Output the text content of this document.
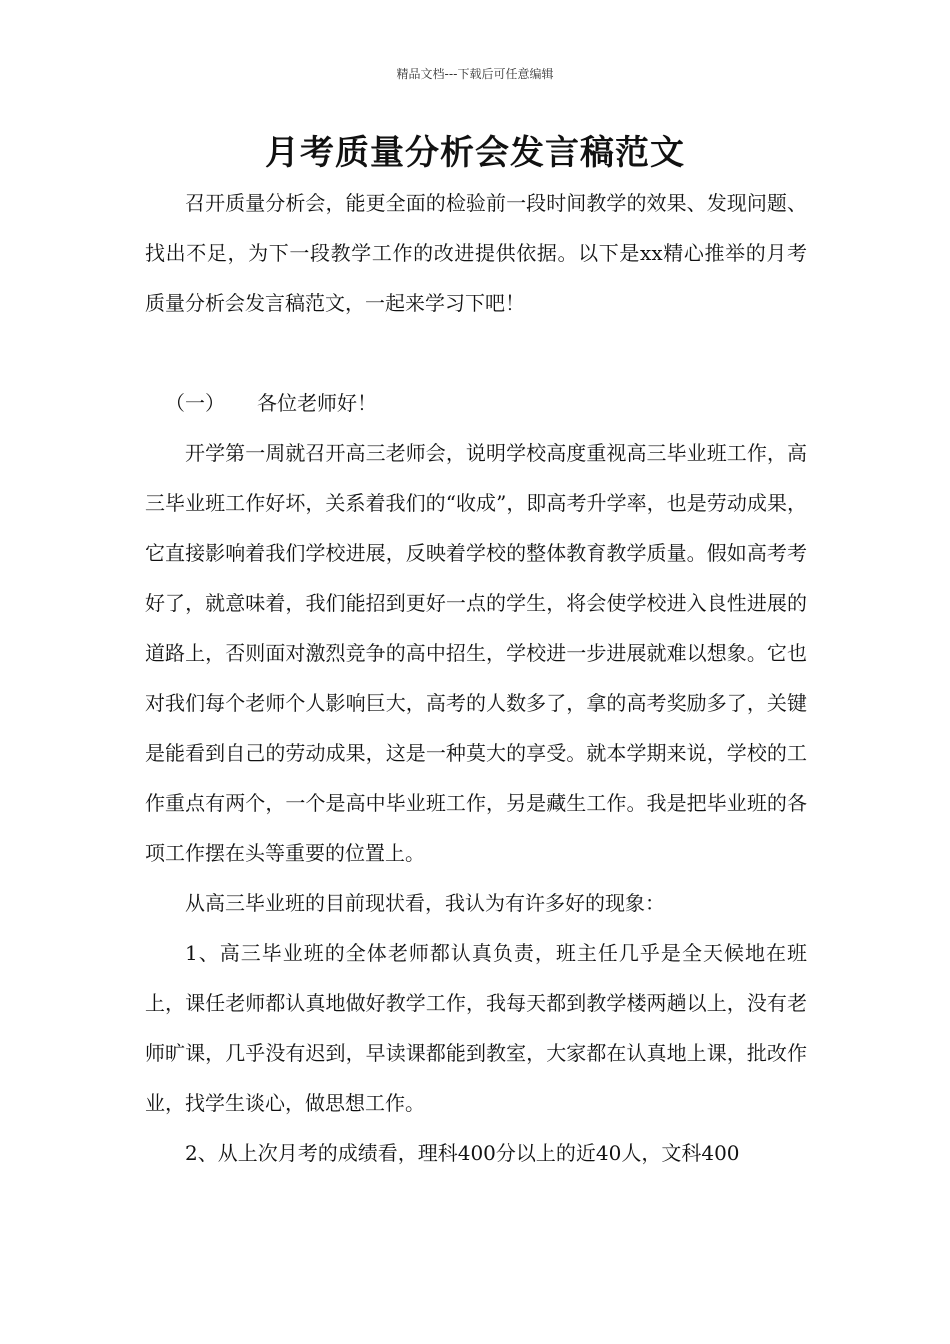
精品文档---下载后可任意编辑
月考质量分析会发言稿范文

召开质量分析会，能更全面的检验前一段时间教学的效果、发现问题、找出不足，为下一段教学工作的改进提供依据。以下是xx精心推举的月考质量分析会发言稿范文，一起来学习下吧！

（一） 各位老师好！

开学第一周就召开高三老师会，说明学校高度重视高三毕业班工作，高三毕业班工作好坏，关系着我们的“收成”，即高考升学率，也是劳动成果，它直接影响着我们学校进展，反映着学校的整体教育教学质量。假如高考考好了，就意味着，我们能招到更好一点的学生，将会使学校进入良性进展的道路上，否则面对激烈竞争的高中招生，学校进一步进展就难以想象。它也对我们每个老师个人影响巨大，高考的人数多了，拿的高考奖励多了，关键是能看到自己的劳动成果，这是一种莫大的享受。就本学期来说，学校的工作重点有两个，一个是高中毕业班工作，另是藏生工作。我是把毕业班的各项工作摆在头等重要的位置上。

从高三毕业班的目前现状看，我认为有许多好的现象：

1、高三毕业班的全体老师都认真负责，班主任几乎是全天候地在班上，课任老师都认真地做好教学工作，我每天都到教学楼两趟以上，没有老师旷课，几乎没有迟到，早读课都能到教室，大家都在认真地上课，批改作业，找学生谈心，做思想工作。

2、从上次月考的成绩看，理科400分以上的近40人，文科400
